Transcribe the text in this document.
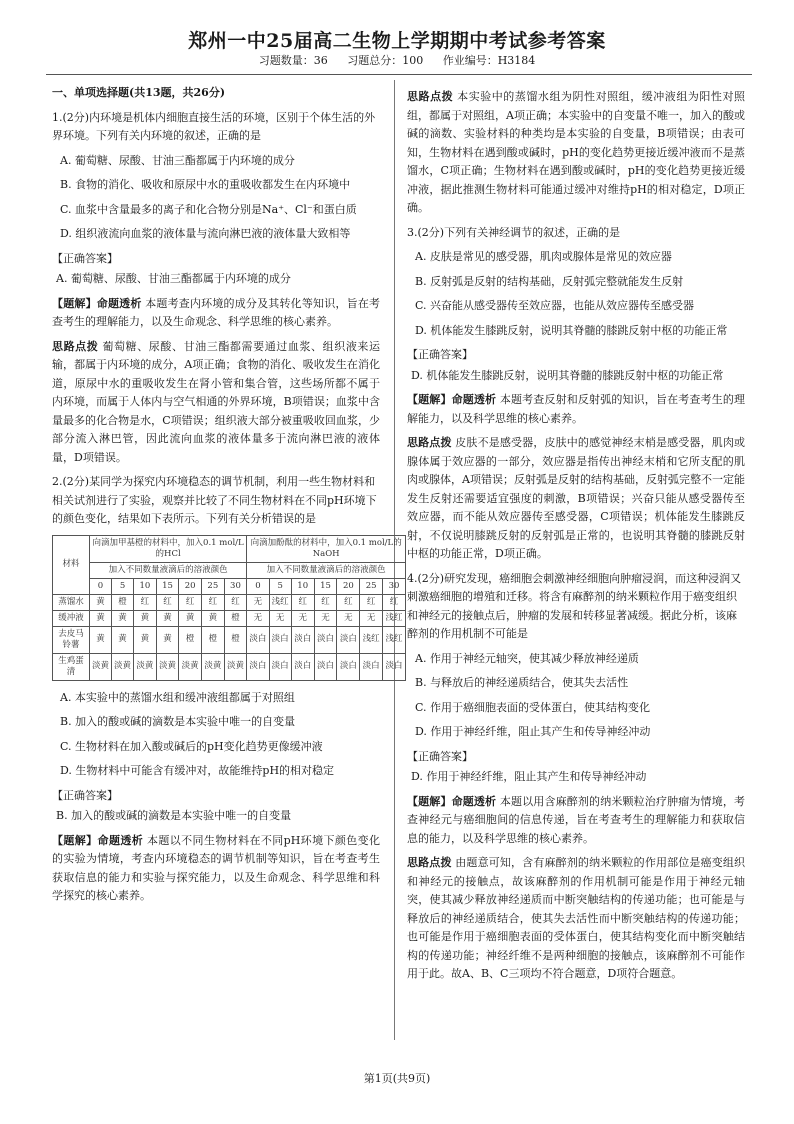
郑州一中25届高二生物上学期期中考试参考答案
习题数量：36 习题总分：100 作业编号：H3184
一、单项选择题(共13题，共26分)
1.(2分)内环境是机体内细胞直接生活的环境，区别于个体生活的外界环境。下列有关内环境的叙述，正确的是
A. 葡萄糖、尿酸、甘油三酯都属于内环境的成分
B. 食物的消化、吸收和原尿中水的重吸收都发生在内环境中
C. 血浆中含量最多的离子和化合物分别是Na⁺、Cl⁻和蛋白质
D. 组织液流向血浆的液体量与流向淋巴液的液体量大致相等
【正确答案】
A. 葡萄糖、尿酸、甘油三酯都属于内环境的成分
【题解】命题透析 本题考查内环境的成分及其转化等知识，旨在考查考生的理解能力，以及生命观念、科学思维的核心素养。
思路点拨 葡萄糖、尿酸、甘油三酯都需要通过血浆、组织液来运输，都属于内环境的成分，A项正确；食物的消化、吸收发生在消化道，原尿中水的重吸收发生在肾小管和集合管，这些场所都不属于内环境，而属于人体内与空气相通的外界环境，B项错误；血浆中含量最多的化合物是水，C项错误；组织液大部分被重吸收回血浆，少部分流入淋巴管，因此流向血浆的液体量多于流向淋巴液的液体量，D项错误。
2.(2分)某同学为探究内环境稳态的调节机制，利用一些生物材料和相关试剂进行了实验，观察并比较了不同生物材料在不同pH环境下的颜色变化，结果如下表所示。下列有关分析错误的是
材料	向滴加甲基橙的材料中，加入0.1 mol/L的HCl							向滴加酚酞的材料中，加入0.1 mol/L的NaOH						
	加入不同数量液滴后的溶液颜色							加入不同数量液滴后的溶液颜色						
	0	5	10	15	20	25	30	0	5	10	15	20	25	30
蒸馏水	黄	橙	红	红	红	红	红	无	浅红	红	红	红	红	红
缓冲液	黄	黄	黄	黄	黄	黄	橙	无	无	无	无	无	无	浅红
去皮马铃薯	黄	黄	黄	黄	橙	橙	橙	淡白	淡白	淡白	淡白	淡白	浅红	浅红
生鸡蛋清	淡黄	淡黄	淡黄	淡黄	淡黄	淡黄	淡黄	淡白	淡白	淡白	淡白	淡白	淡白	淡白
A. 本实验中的蒸馏水组和缓冲液组都属于对照组
B. 加入的酸或碱的滴数是本实验中唯一的自变量
C. 生物材料在加入酸或碱后的pH变化趋势更像缓冲液
D. 生物材料中可能含有缓冲对，故能维持pH的相对稳定
【正确答案】
B. 加入的酸或碱的滴数是本实验中唯一的自变量
【题解】命题透析 本题以不同生物材料在不同pH环境下颜色变化的实验为情境，考查内环境稳态的调节机制等知识，旨在考查考生获取信息的能力和实验与探究能力，以及生命观念、科学思维和科学探究的核心素养。
思路点拨 本实验中的蒸馏水组为阴性对照组，缓冲液组为阳性对照组，都属于对照组，A项正确；本实验中的自变量不唯一，加入的酸或碱的滴数、实验材料的种类均是本实验的自变量，B项错误；由表可知，生物材料在遇到酸或碱时，pH的变化趋势更接近缓冲液而不是蒸馏水，C项正确；生物材料在遇到酸或碱时，pH的变化趋势更接近缓冲液，据此推测生物材料可能通过缓冲对维持pH的相对稳定，D项正确。
3.(2分)下列有关神经调节的叙述，正确的是
A. 皮肤是常见的感受器，肌肉或腺体是常见的效应器
B. 反射弧是反射的结构基础，反射弧完整就能发生反射
C. 兴奋能从感受器传至效应器，也能从效应器传至感受器
D. 机体能发生膝跳反射，说明其脊髓的膝跳反射中枢的功能正常
【正确答案】
D. 机体能发生膝跳反射，说明其脊髓的膝跳反射中枢的功能正常
【题解】命题透析 本题考查反射和反射弧的知识，旨在考查考生的理解能力，以及科学思维的核心素养。
思路点拨 皮肤不是感受器，皮肤中的感觉神经末梢是感受器，肌肉或腺体属于效应器的一部分，效应器是指传出神经末梢和它所支配的肌肉或腺体，A项错误；反射弧是反射的结构基础，反射弧完整不一定能发生反射还需要适宜强度的刺激，B项错误；兴奋只能从感受器传至效应器，而不能从效应器传至感受器，C项错误；机体能发生膝跳反射，不仅说明膝跳反射的反射弧是正常的，也说明其脊髓的膝跳反射中枢的功能正常，D项正确。
4.(2分)研究发现，癌细胞会刺激神经细胞向肿瘤浸润，而这种浸润又刺激癌细胞的增殖和迁移。将含有麻醉剂的纳米颗粒作用于癌变组织和神经元的接触点后，肿瘤的发展和转移显著减缓。据此分析，该麻醉剂的作用机制不可能是
A. 作用于神经元轴突，使其减少释放神经递质
B. 与释放后的神经递质结合，使其失去活性
C. 作用于癌细胞表面的受体蛋白，使其结构变化
D. 作用于神经纤维，阻止其产生和传导神经冲动
【正确答案】
D. 作用于神经纤维，阻止其产生和传导神经冲动
【题解】命题透析 本题以用含麻醉剂的纳米颗粒治疗肿瘤为情境，考查神经元与癌细胞间的信息传递，旨在考查考生的理解能力和获取信息的能力，以及科学思维的核心素养。
思路点拨 由题意可知，含有麻醉剂的纳米颗粒的作用部位是癌变组织和神经元的接触点，故该麻醉剂的作用机制可能是作用于神经元轴突，使其减少释放神经递质而中断突触结构的传递功能；也可能是与释放后的神经递质结合，使其失去活性而中断突触结构的传递功能；也可能是作用于癌细胞表面的受体蛋白，使其结构变化而中断突触结构的传递功能；神经纤维不是两种细胞的接触点，该麻醉剂不可能作用于此。故A、B、C三项均不符合题意，D项符合题意。
第1页(共9页)
